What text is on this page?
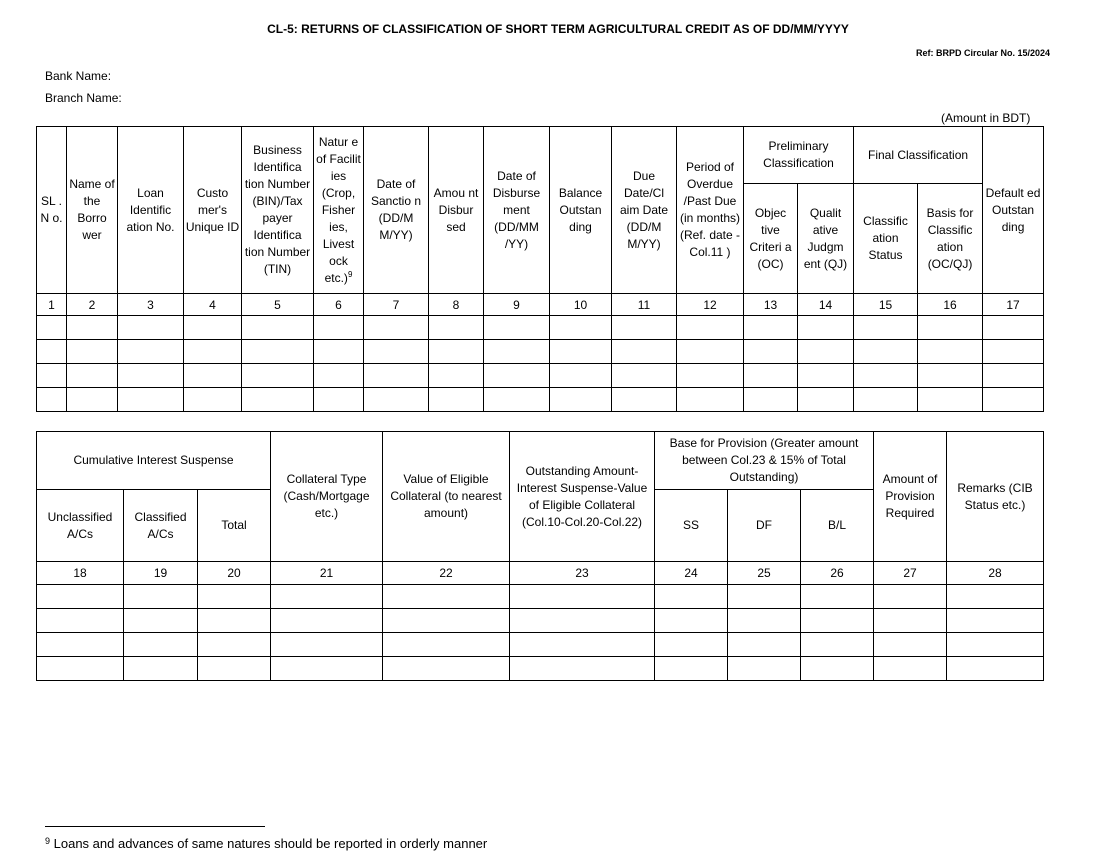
CL-5: RETURNS OF CLASSIFICATION OF SHORT TERM AGRICULTURAL CREDIT AS OF DD/MM/YYYY
Ref: BRPD Circular No. 15/2024
Bank Name:
Branch Name:
(Amount in BDT)
SL . N o.	Name of the Borro wer	Loan Identific ation No.	Custo mer's Unique ID	Business Identifica tion Number (BIN)/Tax payer Identifica tion Number (TIN)	Natur e of Facilit ies (Crop, Fisher ies, Livest ock etc.)$^9$	Date of Sanctio n (DD/M M/YY)	Amou nt Disbur sed	Date of Disburse ment (DD/MM /YY)	Balance Outstan ding	Due Date/Cl aim Date (DD/M M/YY)	Period of Overdue /Past Due (in months) (Ref. date - Col.11 )	Preliminary Classification		Final Classification		Default ed Outstan ding
												Objec tive Criteri a (OC)	Qualit ative Judgm ent (QJ)	Classific ation Status	Basis for Classific ation (OC/QJ)	
1	2	3	4	5	6	7	8	9	10	11	12	13	14	15	16	17

Cumulative Interest Suspense			Collateral Type (Cash/Mortgage etc.)	Value of Eligible Collateral (to nearest amount)	Outstanding Amount-Interest Suspense-Value of Eligible Collateral (Col.10-Col.20-Col.22)	Base for Provision (Greater amount between Col.23 & 15% of Total Outstanding)			Amount of Provision Required	Remarks (CIB Status etc.)
Unclassified A/Cs	Classified A/Cs	Total				SS	DF	B/L		
18	19	20	21	22	23	24	25	26	27	28

$^9$ Loans and advances of same natures should be reported in orderly manner
